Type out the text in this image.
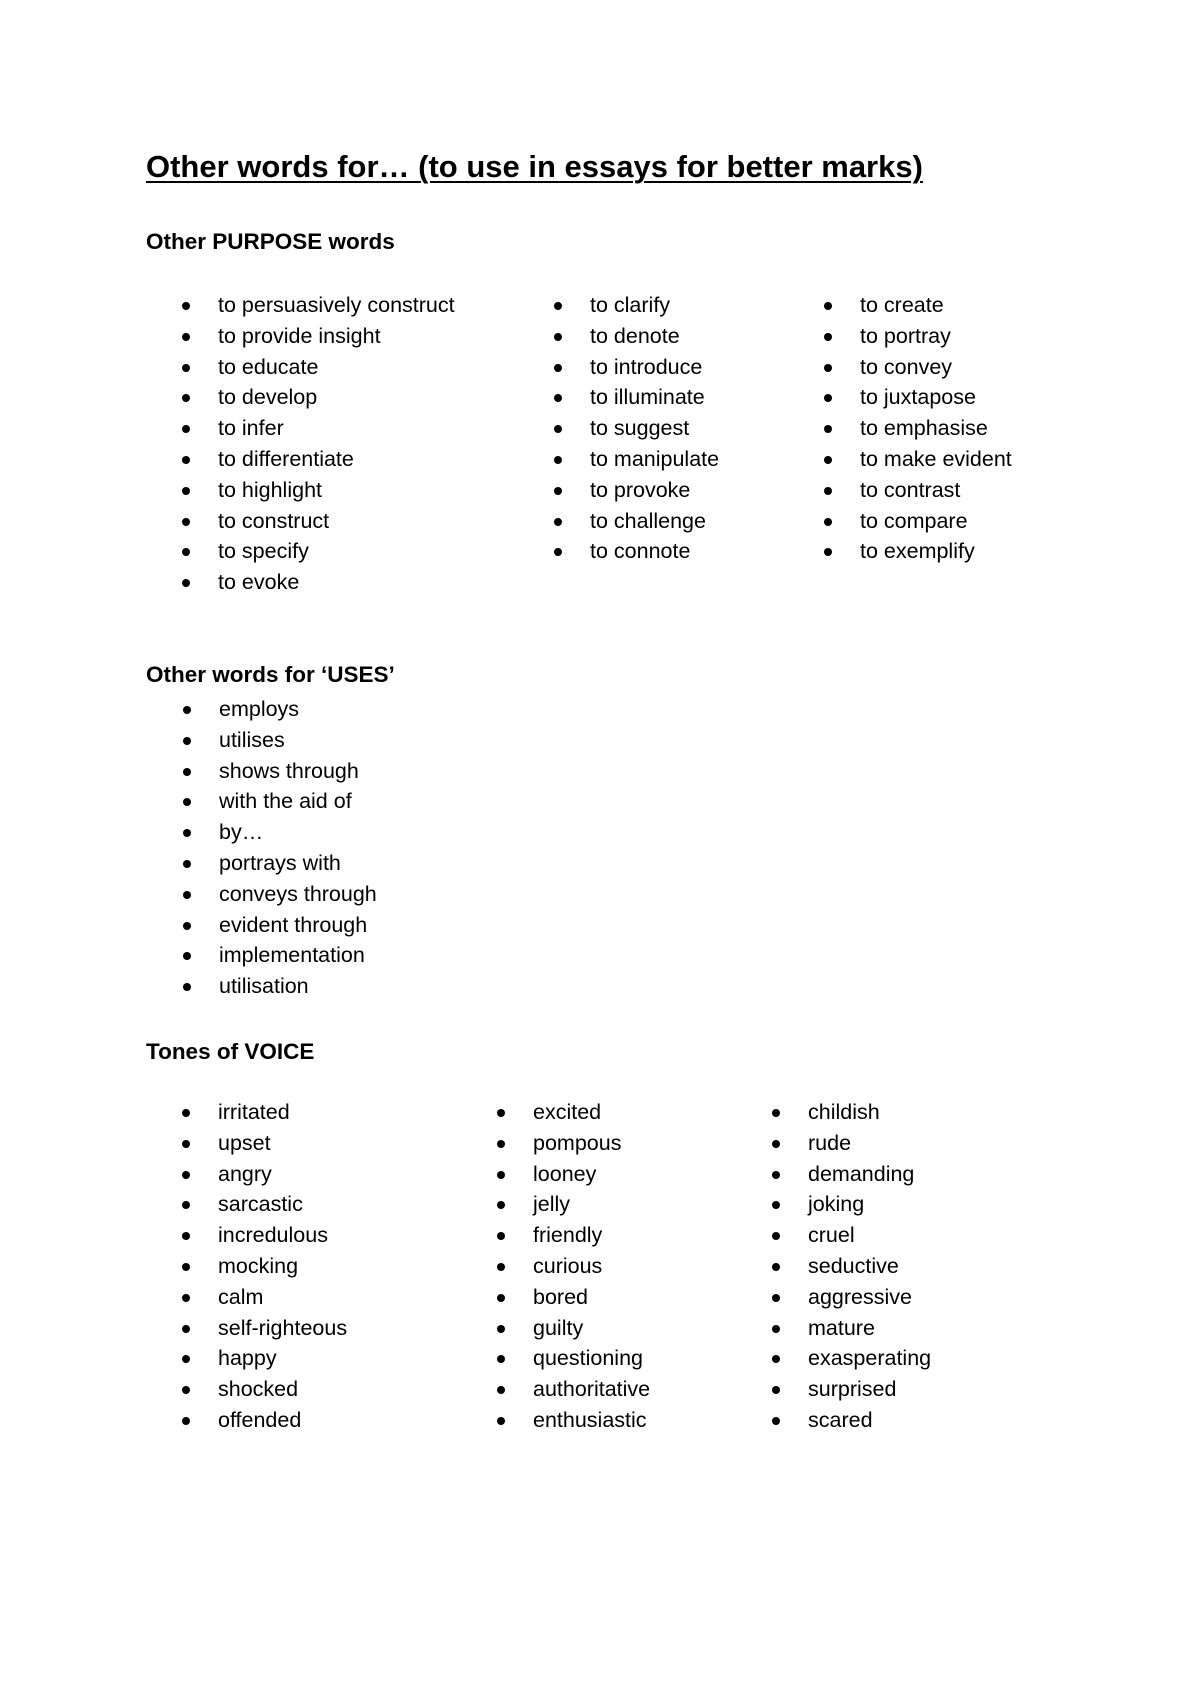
Other words for… (to use in essays for better marks)
Other PURPOSE words
to persuasively construct
to provide insight
to educate
to develop
to infer
to differentiate
to highlight
to construct
to specify
to evoke
to clarify
to denote
to introduce
to illuminate
to suggest
to manipulate
to provoke
to challenge
to connote
to create
to portray
to convey
to juxtapose
to emphasise
to make evident
to contrast
to compare
to exemplify
Other words for ‘USES’
employs
utilises
shows through
with the aid of
by…
portrays with
conveys through
evident through
implementation
utilisation
Tones of VOICE
irritated
upset
angry
sarcastic
incredulous
mocking
calm
self-righteous
happy
shocked
offended
excited
pompous
looney
jelly
friendly
curious
bored
guilty
questioning
authoritative
enthusiastic
childish
rude
demanding
joking
cruel
seductive
aggressive
mature
exasperating
surprised
scared
